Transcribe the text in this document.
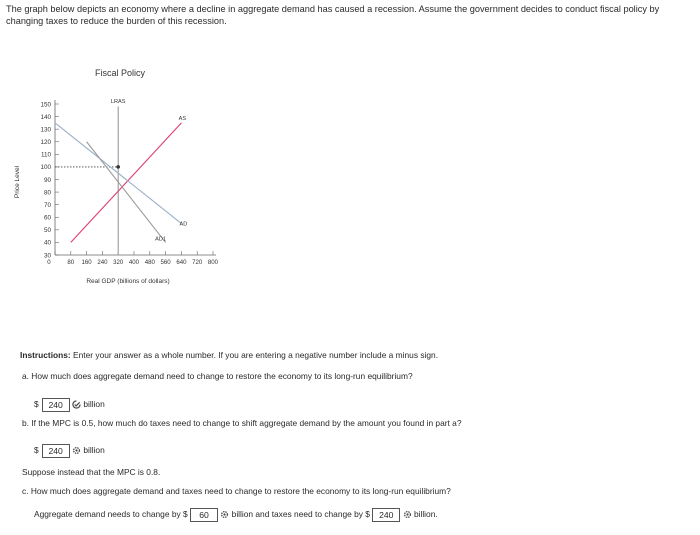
The graph below depicts an economy where a decline in aggregate demand has caused a recession. Assume the government decides to conduct fiscal policy by changing taxes to reduce the burden of this recession.
Fiscal Policy
Price Level
Real GDP (billions of dollars)
30
40
50
60
70
80
90
100
110
120
130
140
150
0	80 160 240 320 400 480 560 640 720 800
LRAS
AS
AD
AD1
Instructions: Enter your answer as a whole number. If you are entering a negative number include a minus sign.
a. How much does aggregate demand need to change to restore the economy to its long-run equilibrium?
$ 240 billion
b. If the MPC is 0.5, how much do taxes need to change to shift aggregate demand by the amount you found in part a?
$ 240 billion
Suppose instead that the MPC is 0.8.
c. How much does aggregate demand and taxes need to change to restore the economy to its long-run equilibrium?
Aggregate demand needs to change by $ 60	billion and taxes need to change by $ 240 billion.
